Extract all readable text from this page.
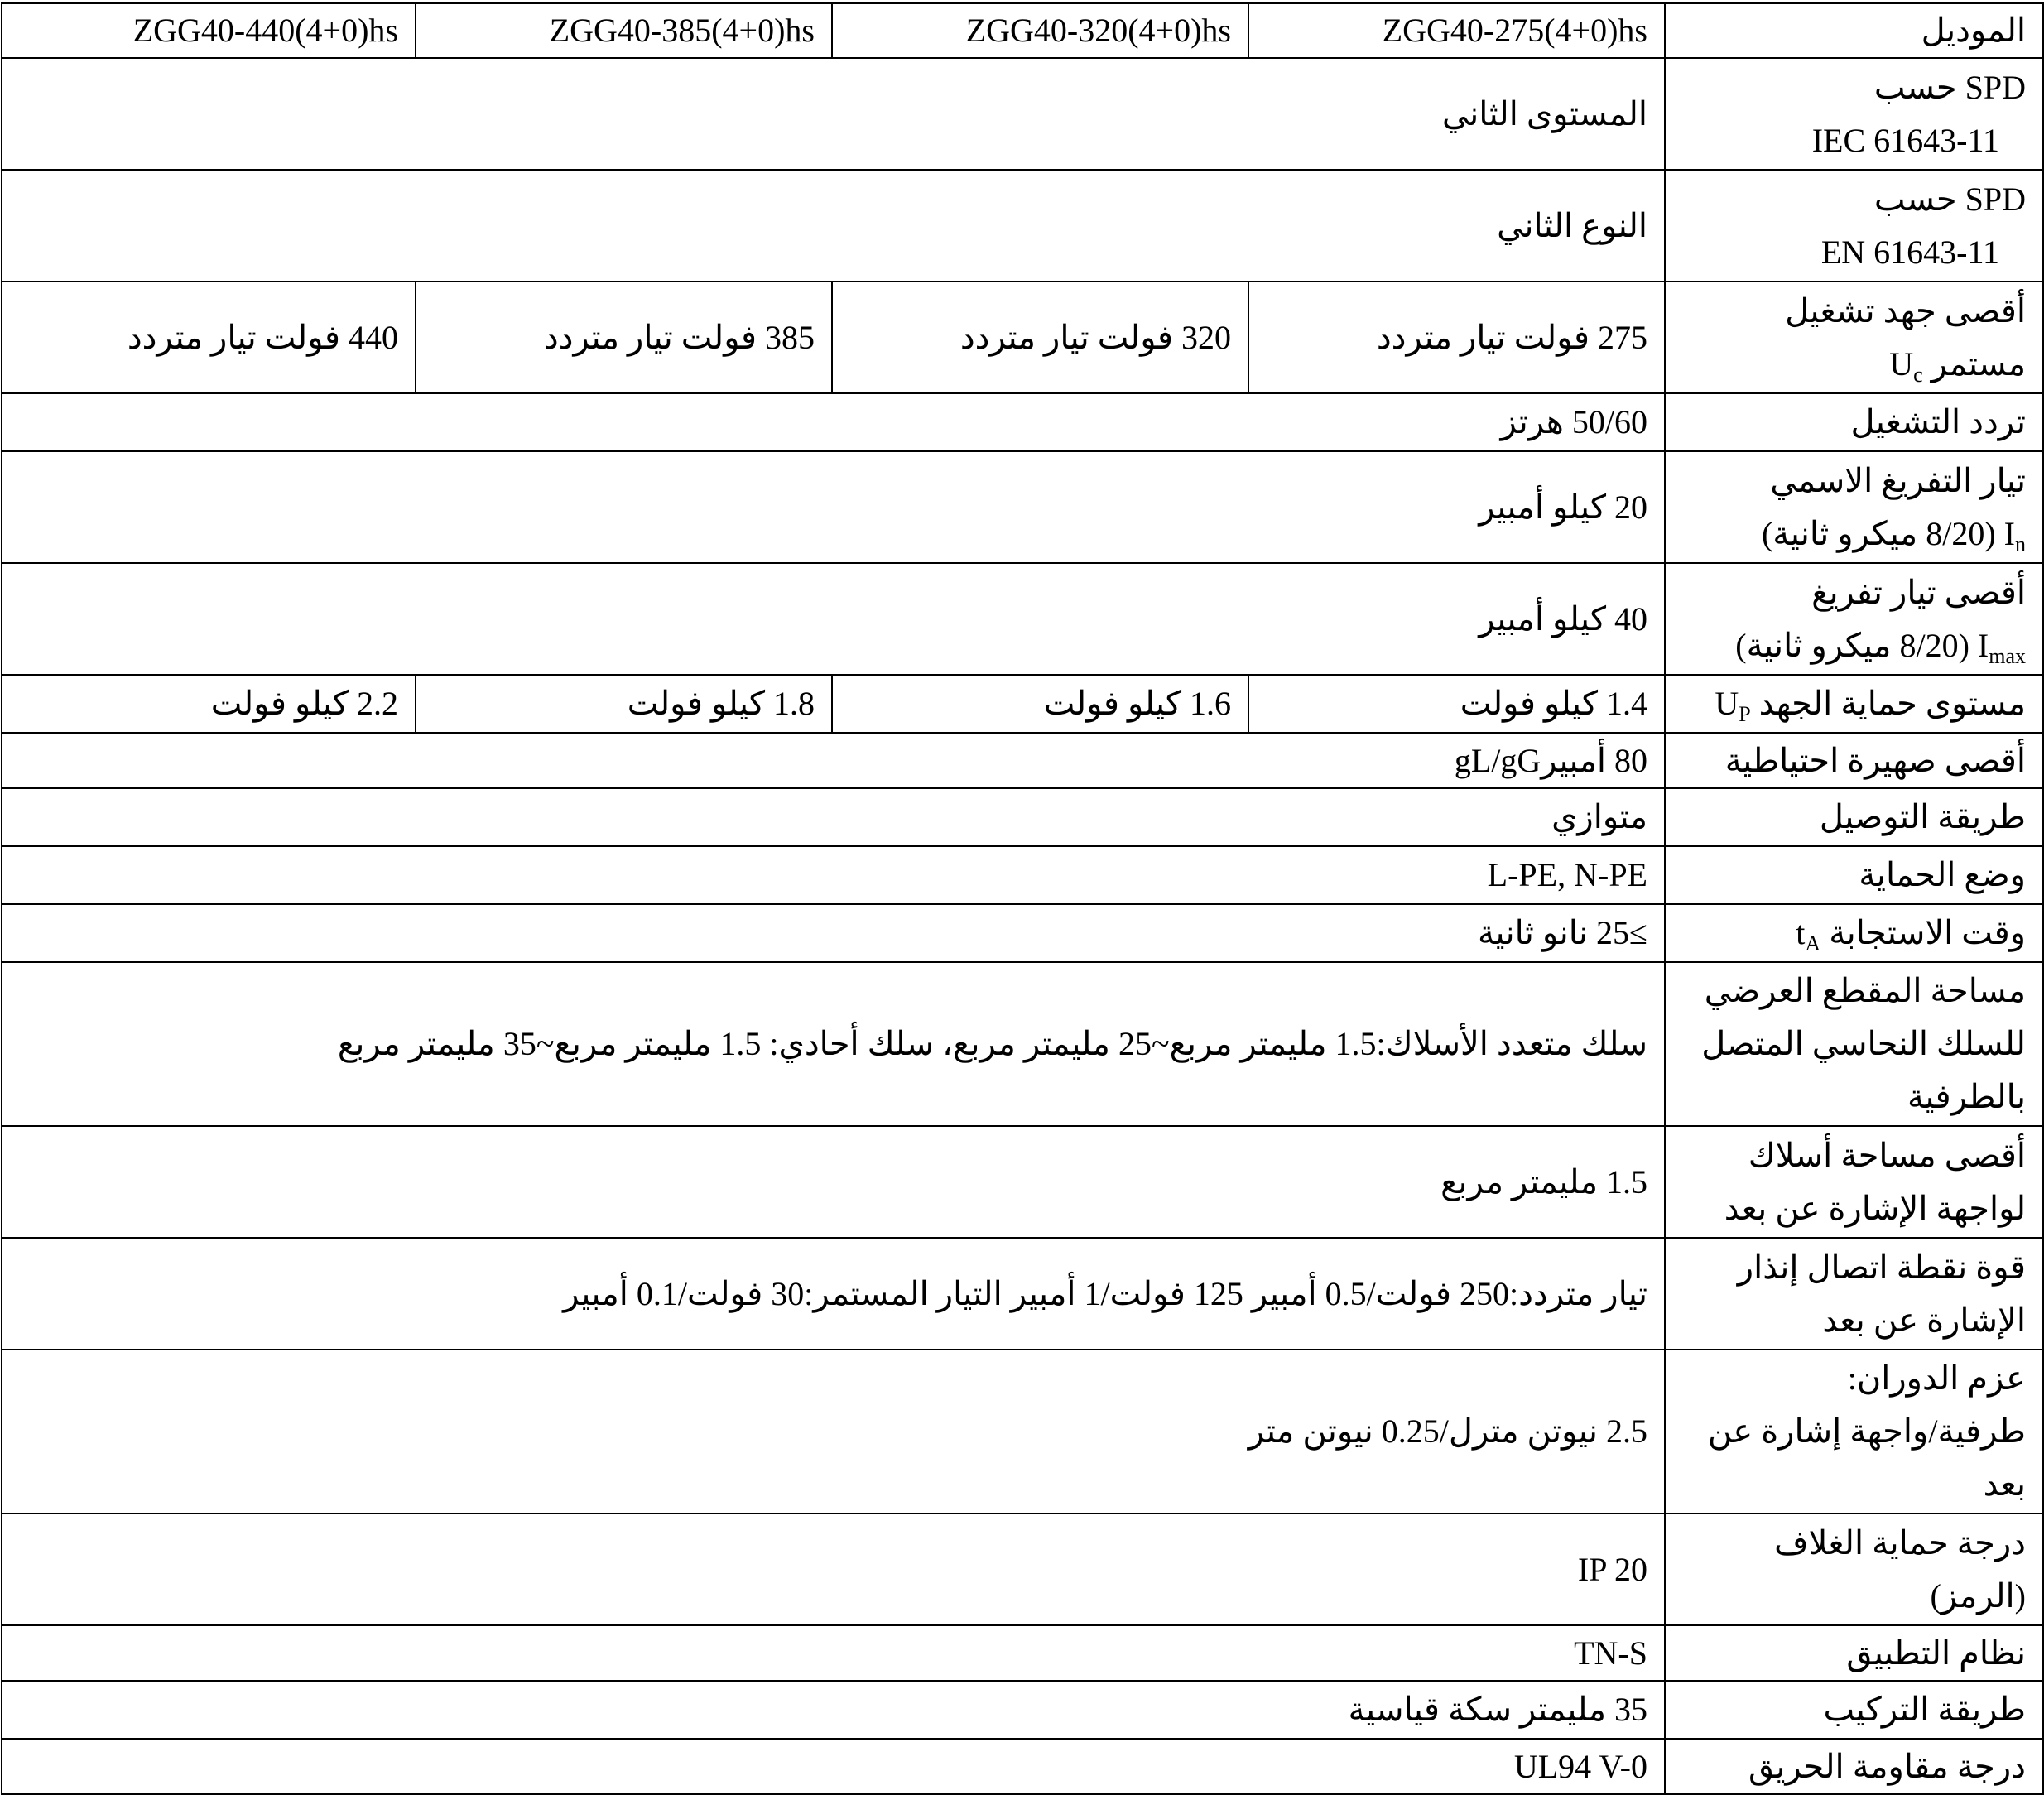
الموديل	ZGG40-275(4+0)hs	ZGG40-320(4+0)hs	ZGG40-385(4+0)hs	ZGG40-440(4+0)hs

SPD حسب
IEC 61643-11	المستوى الثاني			

SPD حسب
EN 61643-11	النوع الثاني			

أقصى جهد تشغيل
مستمر $U_c$	275 فولت تيار متردد	320 فولت تيار متردد	385 فولت تيار متردد	440 فولت تيار متردد
تردد التشغيل	50/60 هرتز			

تيار التفريغ الاسمي
$I_n$ (8/20 ميكرو ثانية)	20 كيلو أمبير			

أقصى تيار تفريغ
$I_{max}$ (8/20 ميكرو ثانية)	40 كيلو أمبير			
مستوى حماية الجهد $U_P$	1.4 كيلو فولت	1.6 كيلو فولت	1.8 كيلو فولت	2.2 كيلو فولت
أقصى صهيرة احتياطية	80 أمبيرgL/gG			
طريقة التوصيل	متوازي			
وضع الحماية	L-PE, N-PE			
وقت الاستجابة $t_A$	≥25 نانو ثانية			

مساحة المقطع العرضي
للسلك النحاسي المتصل
بالطرفية	سلك متعدد الأسلاك:1.5 مليمتر مربع~25 مليمتر مربع، سلك أحادي: 1.5 مليمتر مربع~35 مليمتر مربع			

أقصى مساحة أسلاك
لواجهة الإشارة عن بعد	1.5 مليمتر مربع			

قوة نقطة اتصال إنذار
الإشارة عن بعد	تيار متردد:250 فولت/0.5 أمبير 125 فولت/1 أمبير التيار المستمر:30 فولت/0.1 أمبير			

عزم الدوران:
طرفية/واجهة إشارة عن
بعد	2.5 نيوتن مترل/0.25 نيوتن متر			

درجة حماية الغلاف
(الرمز)	IP 20			
نظام التطبيق	TN-S			
طريقة التركيب	35 مليمتر سكة قياسية			
درجة مقاومة الحريق	UL94 V-0			
